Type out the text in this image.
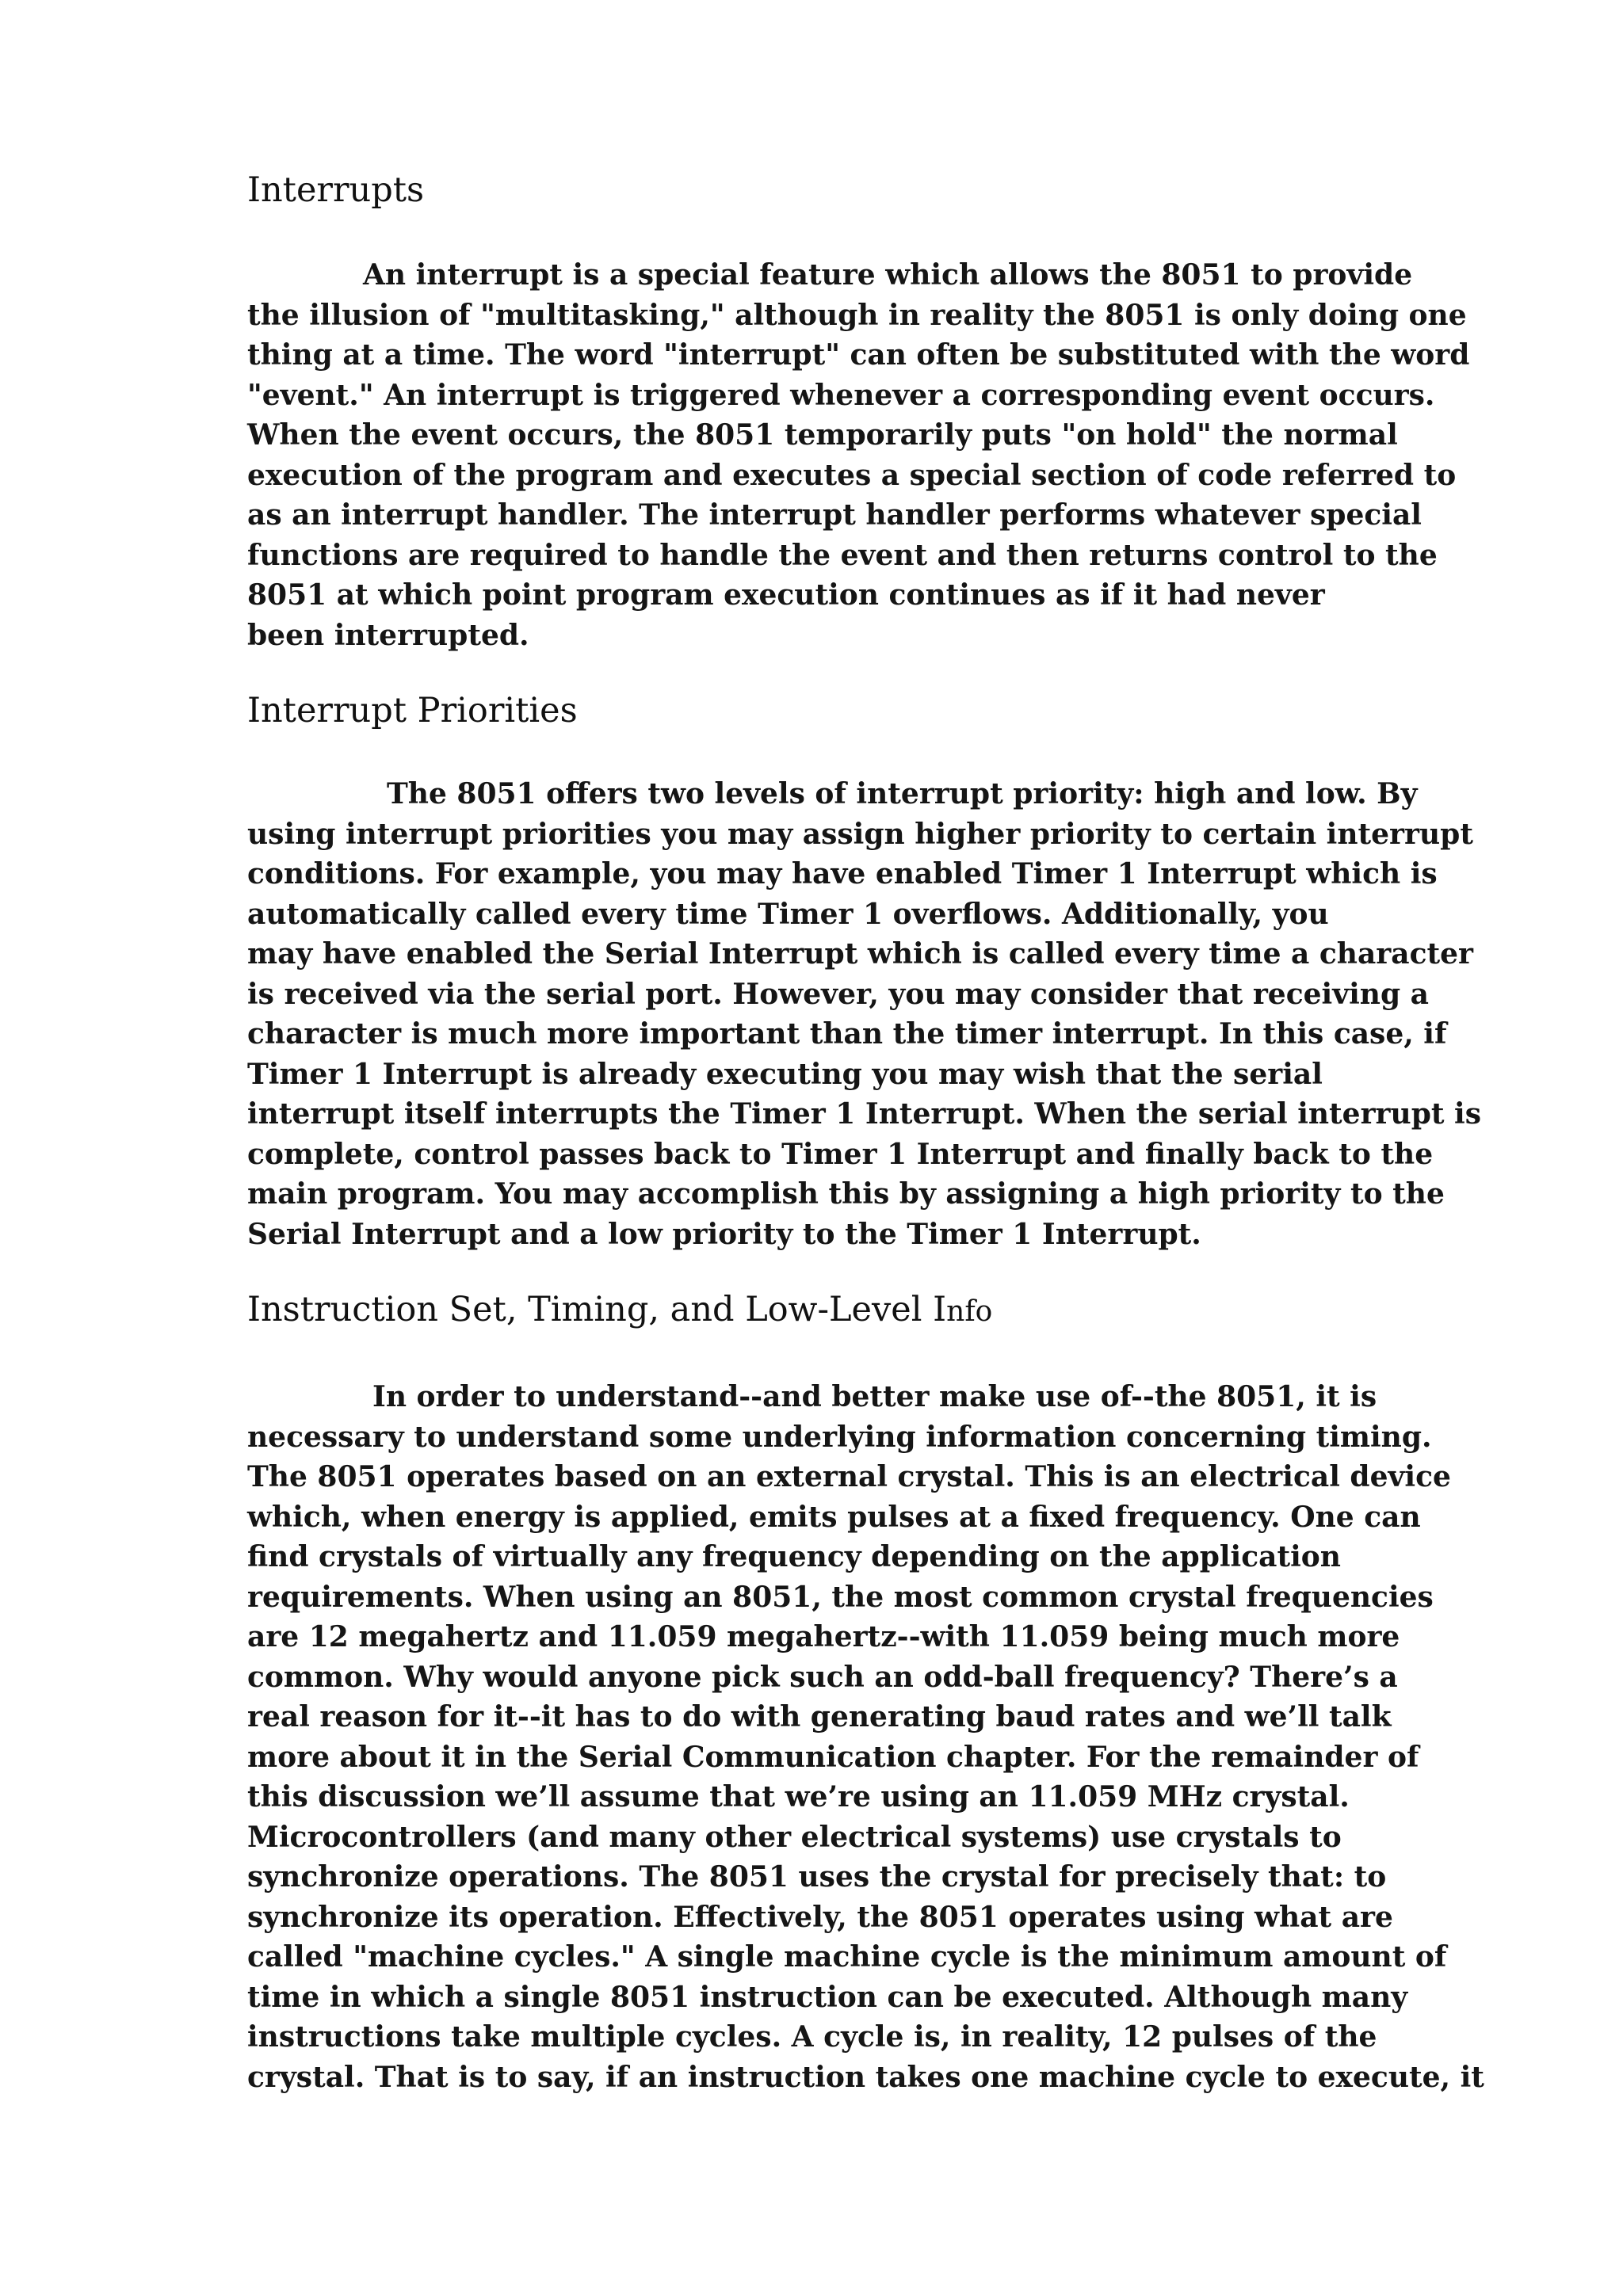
Interrupts
An interrupt is a special feature which allows the 8051 to provide
the illusion of "multitasking," although in reality the 8051 is only doing one
thing at a time. The word "interrupt" can often be substituted with the word
"event." An interrupt is triggered whenever a corresponding event occurs.
When the event occurs, the 8051 temporarily puts "on hold" the normal
execution of the program and executes a special section of code referred to
as an interrupt handler. The interrupt handler performs whatever special
functions are required to handle the event and then returns control to the
8051 at which point program execution continues as if it had never
been interrupted.
Interrupt Priorities
The 8051 offers two levels of interrupt priority: high and low. By
using interrupt priorities you may assign higher priority to certain interrupt
conditions. For example, you may have enabled Timer 1 Interrupt which is
automatically called every time Timer 1 overflows. Additionally, you
may have enabled the Serial Interrupt which is called every time a character
is received via the serial port. However, you may consider that receiving a
character is much more important than the timer interrupt. In this case, if
Timer 1 Interrupt is already executing you may wish that the serial
interrupt itself interrupts the Timer 1 Interrupt. When the serial interrupt is
complete, control passes back to Timer 1 Interrupt and finally back to the
main program. You may accomplish this by assigning a high priority to the
Serial Interrupt and a low priority to the Timer 1 Interrupt.
Instruction Set, Timing, and Low-Level Info
In order to understand--and better make use of--the 8051, it is
necessary to understand some underlying information concerning timing.
The 8051 operates based on an external crystal. This is an electrical device
which, when energy is applied, emits pulses at a fixed frequency. One can
find crystals of virtually any frequency depending on the application
requirements. When using an 8051, the most common crystal frequencies
are 12 megahertz and 11.059 megahertz--with 11.059 being much more
common. Why would anyone pick such an odd-ball frequency? There’s a
real reason for it--it has to do with generating baud rates and we’ll talk
more about it in the Serial Communication chapter. For the remainder of
this discussion we’ll assume that we’re using an 11.059 MHz crystal.
Microcontrollers (and many other electrical systems) use crystals to
synchronize operations. The 8051 uses the crystal for precisely that: to
synchronize its operation. Effectively, the 8051 operates using what are
called "machine cycles." A single machine cycle is the minimum amount of
time in which a single 8051 instruction can be executed. Although many
instructions take multiple cycles. A cycle is, in reality, 12 pulses of the
crystal. That is to say, if an instruction takes one machine cycle to execute, it
